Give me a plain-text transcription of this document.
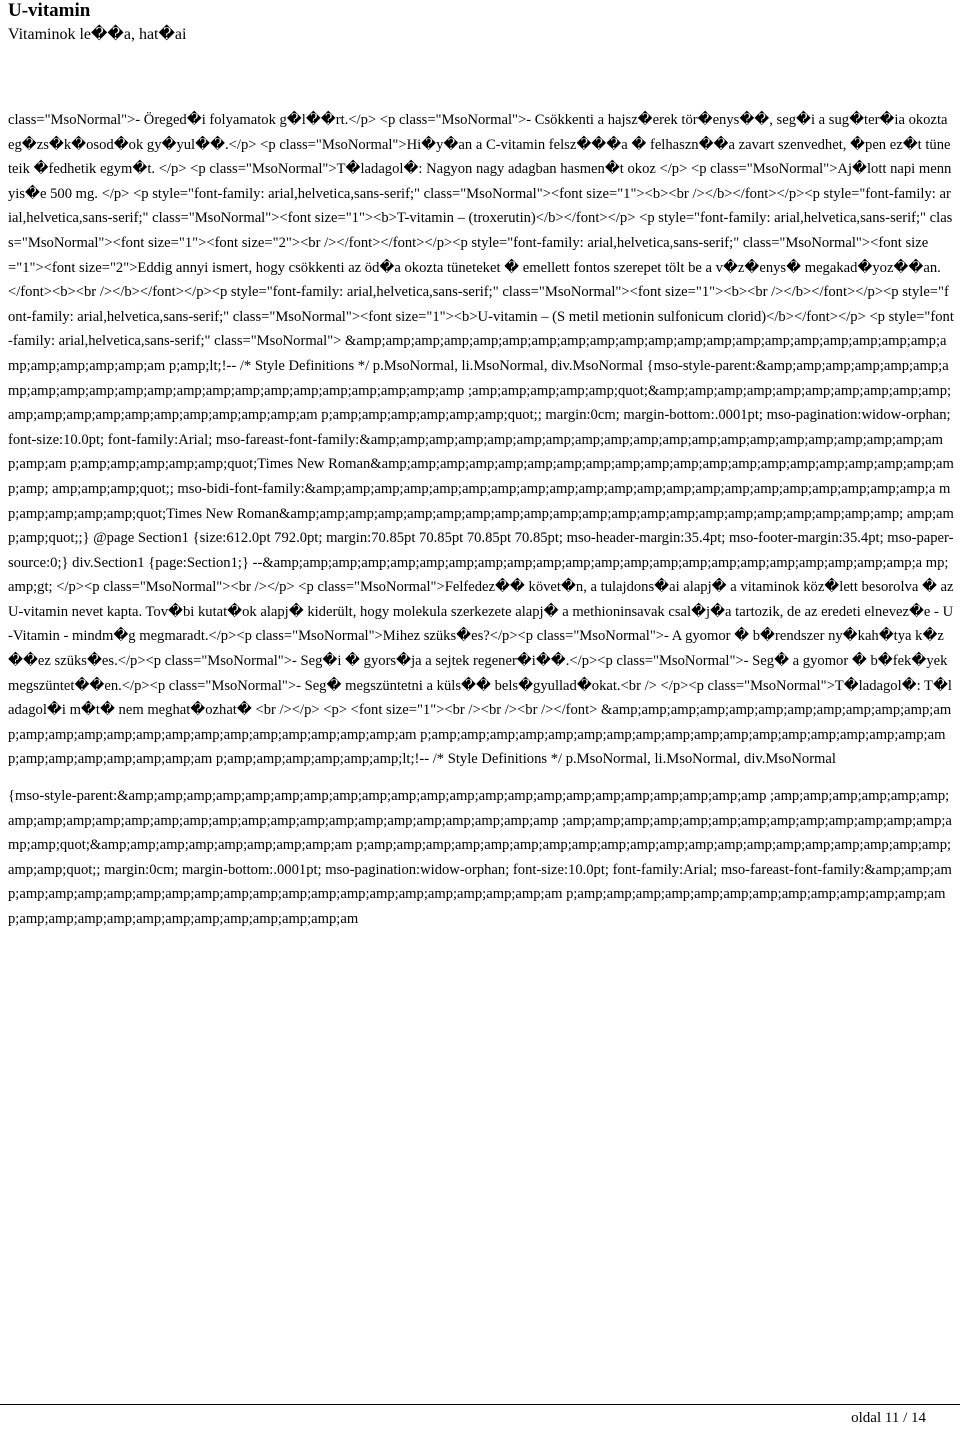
U-vitamin
Vitaminok le��a, hat�ai
class="MsoNormal">- Öreged�i folyamatok g�l��rt.</p> <p class="MsoNormal">- Csökkenti a hajsz�erek tör�enys��, seg�i a sug�ter�ia okozta eg�zs�k�osod�ok gy�yul��.</p> <p class="MsoNormal">Hi�y�an a C-vitamin felsz���a � felhaszn��a zavart szenvedhet, �pen ez�t tüneteik �fedhetik egym�t. </p> <p class="MsoNormal">T�ladagol�: Nagyon nagy adagban hasmen�t okoz </p> <p class="MsoNormal">Aj�lott napi mennyis�e 500 mg. </p> <p style="font-family: arial,helvetica,sans-serif;" class="MsoNormal"><font size="1"><b><br /></b></font></p><p style="font-family: arial,helvetica,sans-serif;" class="MsoNormal"><font size="1"><b>T-vitamin – (troxerutin)</b></font></p> <p style="font-family: arial,helvetica,sans-serif;" class="MsoNormal"><font size="1"><font size="2"><br /></font></font></p><p style="font-family: arial,helvetica,sans-serif;" class="MsoNormal"><font size="1"><font size="2">Eddig annyi ismert, hogy csökkenti az öd�a okozta tüneteket � emellett fontos szerepet tölt be a v�z�enys� megakad�yoz��an. </font><b><br /></b></font></p><p style="font-family: arial,helvetica,sans-serif;" class="MsoNormal"><font size="1"><b><br /></b></font></p><p style="font-family: arial,helvetica,sans-serif;" class="MsoNormal"><font size="1"><b>U-vitamin – (S metil metionin sulfonicum clorid)</b></font></p> <p style="font-family: arial,helvetica,sans-serif;" class="MsoNormal"> &amp;amp;amp;amp;amp;amp;amp;amp;amp;amp;amp;amp;amp;amp;amp;amp;amp;amp;amp;amp;amp;amp;amp;amp;amp;am p;amp;lt;!-- /* Style Definitions */ p.MsoNormal, li.MsoNormal, div.MsoNormal {mso-style-parent:&amp;amp;amp;amp;amp;amp;amp;amp;amp;amp;amp;amp;amp;amp;amp;amp;amp;amp;amp;amp;amp;amp ;amp;amp;amp;amp;amp;quot;&amp;amp;amp;amp;amp;amp;amp;amp;amp;amp;amp;amp;amp;amp;amp;amp;amp;amp;amp;amp;am p;amp;amp;amp;amp;amp;amp;quot;; margin:0cm; margin-bottom:.0001pt; mso-pagination:widow-orphan; font-size:10.0pt; font-family:Arial; mso-fareast-font-family:&amp;amp;amp;amp;amp;amp;amp;amp;amp;amp;amp;amp;amp;amp;amp;amp;amp;amp;amp;amp;amp;am p;amp;amp;amp;amp;amp;quot;Times New Roman&amp;amp;amp;amp;amp;amp;amp;amp;amp;amp;amp;amp;amp;amp;amp;amp;amp;amp;amp;amp;amp; amp;amp;amp;quot;; mso-bidi-font-family:&amp;amp;amp;amp;amp;amp;amp;amp;amp;amp;amp;amp;amp;amp;amp;amp;amp;amp;amp;amp;amp;a mp;amp;amp;amp;amp;quot;Times New Roman&amp;amp;amp;amp;amp;amp;amp;amp;amp;amp;amp;amp;amp;amp;amp;amp;amp;amp;amp;amp;amp; amp;amp;amp;quot;;} @page Section1 {size:612.0pt 792.0pt; margin:70.85pt 70.85pt 70.85pt 70.85pt; mso-header-margin:35.4pt; mso-footer-margin:35.4pt; mso-paper-source:0;} div.Section1 {page:Section1;} --&amp;amp;amp;amp;amp;amp;amp;amp;amp;amp;amp;amp;amp;amp;amp;amp;amp;amp;amp;amp;amp;amp;a mp;amp;gt; </p><p class="MsoNormal"><br /></p> <p class="MsoNormal">Felfedez�� követ�n, a tulajdons�ai alapj� a vitaminok köz�lett besorolva � az U-vitamin nevet kapta. Tov�bi kutat�ok alapj� kiderült, hogy molekula szerkezete alapj� a methioninsavak csal�j�a tartozik, de az eredeti elnevez�e - U-Vitamin - mindm�g megmaradt.</p><p class="MsoNormal">Mihez szüks�es?</p><p class="MsoNormal">- A gyomor � b�rendszer ny�kah�tya k�z��ez szüks�es.</p><p class="MsoNormal">- Seg�i � gyors�ja a sejtek regener�i��.</p><p class="MsoNormal">- Seg� a gyomor � b�fek�yek megszüntet��en.</p><p class="MsoNormal">- Seg� megszüntetni a küls�� bels�gyullad�okat.<br /> </p><p class="MsoNormal">T�ladagol�: T�ladagol�i m�t� nem meghat�ozhat� <br /></p> <p> <font size="1"><br /><br /><br /></font> &amp;amp;amp;amp;amp;amp;amp;amp;amp;amp;amp;amp;amp;amp;amp;amp;amp;amp;amp;amp;amp;amp;amp;amp;amp;am p;amp;amp;amp;amp;amp;amp;amp;amp;amp;amp;amp;amp;amp;amp;amp;amp;amp;amp;amp;amp;amp;amp;amp;amp;am p;amp;amp;amp;amp;amp;amp;lt;!-- /* Style Definitions */ p.MsoNormal, li.MsoNormal, div.MsoNormal
{mso-style-parent:&amp;amp;amp;amp;amp;amp;amp;amp;amp;amp;amp;amp;amp;amp;amp;amp;amp;amp;amp;amp;amp;amp ;amp;amp;amp;amp;amp;amp;amp;amp;amp;amp;amp;amp;amp;amp;amp;amp;amp;amp;amp;amp;amp;amp;amp;amp;amp ;amp;amp;amp;amp;amp;amp;amp;amp;amp;amp;amp;amp;amp;amp;amp;quot;&amp;amp;amp;amp;amp;amp;amp;amp;am p;amp;amp;amp;amp;amp;amp;amp;amp;amp;amp;amp;amp;amp;amp;amp;amp;amp;amp;amp;amp;amp;amp;quot;; margin:0cm; margin-bottom:.0001pt; mso-pagination:widow-orphan; font-size:10.0pt; font-family:Arial; mso-fareast-font-family:&amp;amp;amp;amp;amp;amp;amp;amp;amp;amp;amp;amp;amp;amp;amp;amp;amp;amp;amp;amp;amp;am p;amp;amp;amp;amp;amp;amp;amp;amp;amp;amp;amp;amp;amp;amp;amp;amp;amp;amp;amp;amp;amp;amp;amp;amp;am
oldal 11 / 14
